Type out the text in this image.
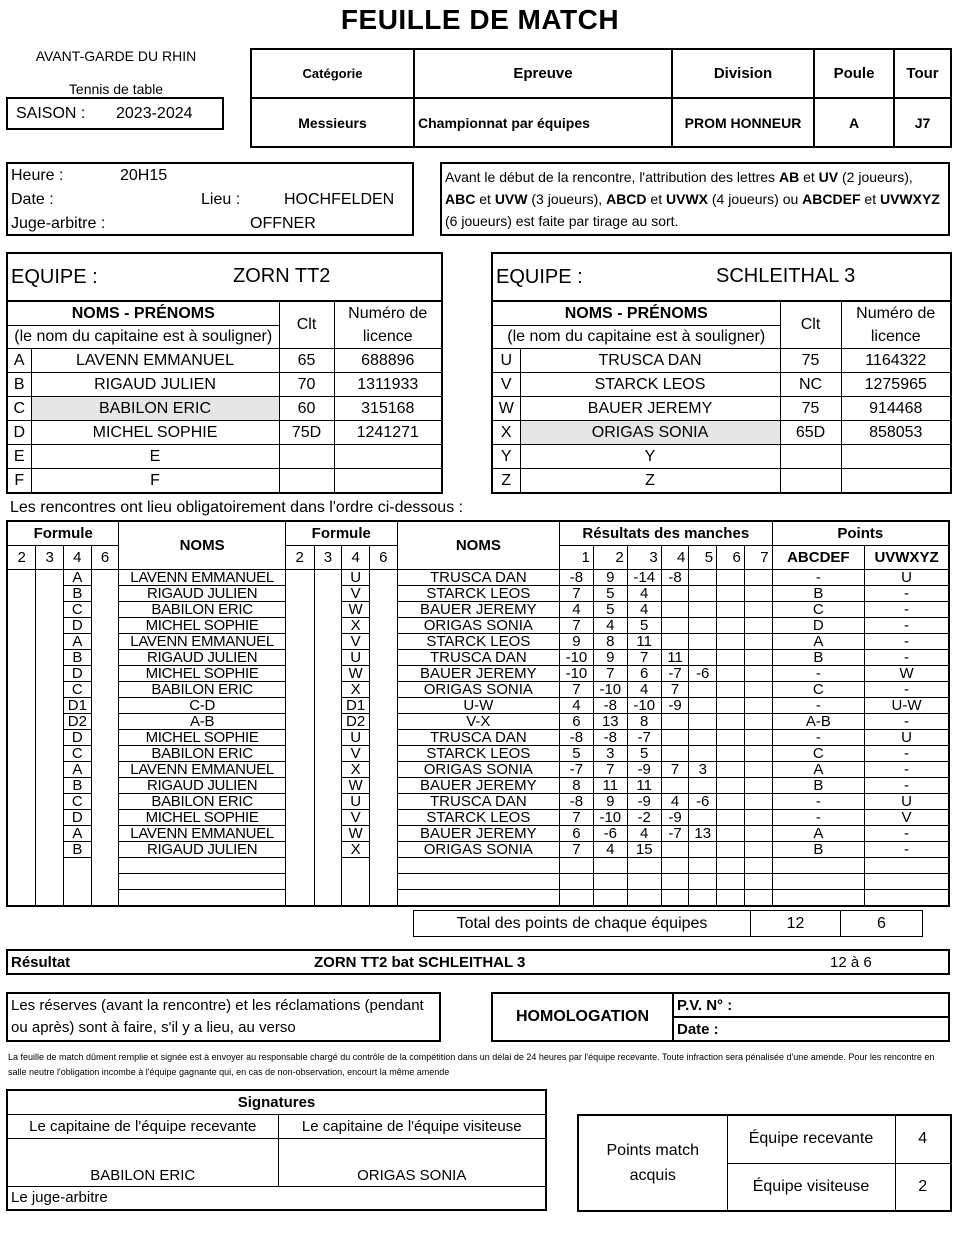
FEUILLE DE MATCH
AVANT-GARDE DU RHIN
Tennis de table
SAISON : 2023-2024
Catégorie	Epreuve	Division	Poule	Tour
Messieurs	Championnat par équipes	PROM HONNEUR	A	J7
Heure :	20H15
Date :	Lieu :	HOCHFELDEN
Juge-arbitre :	OFFNER
Avant le début de la rencontre, l'attribution des lettres AB et UV (2 joueurs), ABC et UVW (3 joueurs), ABCD et UVWX (4 joueurs) ou ABCDEF et UVWXYZ (6 joueurs) est faite par tirage au sort.
EQUIPE : ZORN TT2			

NOMS - PRÉNOMS		Clt	Numéro de
licence
(le nom du capitaine est à souligner)			
A	LAVENN EMMANUEL	65	688896
B	RIGAUD JULIEN	70	1311933
C	BABILON ERIC	60	315168
D	MICHEL SOPHIE	75D	1241271
E	E		
F	F		
EQUIPE : SCHLEITHAL 3			

NOMS - PRÉNOMS		Clt	Numéro de
licence
(le nom du capitaine est à souligner)			
U	TRUSCA DAN	75	1164322
V	STARCK LEOS	NC	1275965
W	BAUER JEREMY	75	914468
X	ORIGAS SONIA	65D	858053
Y	Y		
Z	Z		
Les rencontres ont lieu obligatoirement dans l'ordre ci-dessous :
Formule				NOMS	Formule				NOMS	Résultats des manches							Points	
2	3	4	6		2	3	4	6		1	2	3	4	5	6	7	ABCDEF	UVWXYZ
		A		LAVENN EMMANUEL			U		TRUSCA DAN	-8	9	-14	-8				-	U
		B		RIGAUD JULIEN			V		STARCK LEOS	7	5	4					B	-
		C		BABILON ERIC			W		BAUER JEREMY	4	5	4					C	-
		D		MICHEL SOPHIE			X		ORIGAS SONIA	7	4	5					D	-
		A		LAVENN EMMANUEL			V		STARCK LEOS	9	8	11					A	-
		B		RIGAUD JULIEN			U		TRUSCA DAN	-10	9	7	11				B	-
		D		MICHEL SOPHIE			W		BAUER JEREMY	-10	7	6	-7	-6			-	W
		C		BABILON ERIC			X		ORIGAS SONIA	7	-10	4	7				C	-
		D1		C-D			D1		U-W	4	-8	-10	-9				-	U-W
		D2		A-B			D2		V-X	6	13	8					A-B	-
		D		MICHEL SOPHIE			U		TRUSCA DAN	-8	-8	-7					-	U
		C		BABILON ERIC			V		STARCK LEOS	5	3	5					C	-
		A		LAVENN EMMANUEL			X		ORIGAS SONIA	-7	7	-9	7	3			A	-
		B		RIGAUD JULIEN			W		BAUER JEREMY	8	11	11					B	-
		C		BABILON ERIC			U		TRUSCA DAN	-8	9	-9	4	-6			-	U
		D		MICHEL SOPHIE			V		STARCK LEOS	7	-10	-2	-9				-	V
		A		LAVENN EMMANUEL			W		BAUER JEREMY	6	-6	4	-7	13			A	-
		B		RIGAUD JULIEN			X		ORIGAS SONIA	7	4	15					B	-

Total des points de chaque équipes	12	6
Résultat	ZORN TT2 bat SCHLEITHAL 3	12 à 6
Les réserves (avant la rencontre) et les réclamations (pendant ou après) sont à faire, s'il y a lieu, au verso
HOMOLOGATION
P.V. N° :
Date :
La feuille de match dûment remplie et signée est à envoyer au responsable chargé du contrôle de la compétition dans un délai de 24 heures par l'équipe recevante. Toute infraction sera pénalisée d'une amende. Pour les rencontre en salle neutre l'obligation incombe à l'équipe gagnante qui, en cas de non-observation, encourt la même amende
Signatures	
Le capitaine de l'équipe recevante	Le capitaine de l'équipe visiteuse
BABILON ERIC	ORIGAS SONIA
Le juge-arbitre	
Points match
acquis	Équipe recevante	4
	Équipe visiteuse	2
